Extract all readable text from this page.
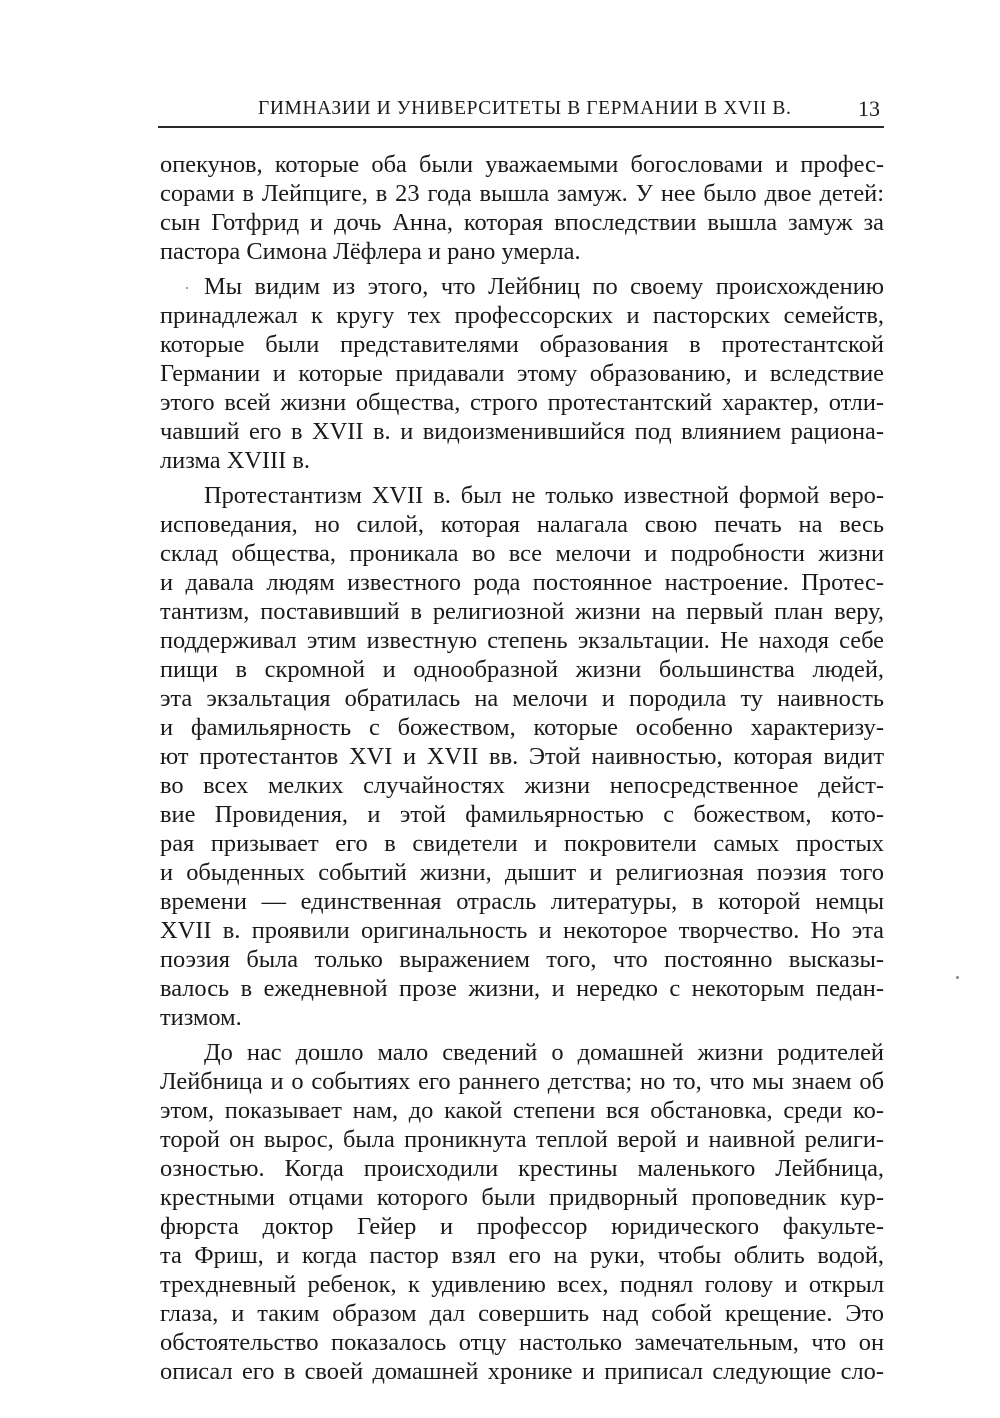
ГИМНАЗИИ И УНИВЕРСИТЕТЫ В ГЕРМАНИИ В XVII В.	13
опекунов, которые оба были уважаемыми богословами и профес-
сорами в Лейпциге, в 23 года вышла замуж. У нее было двое детей:
сын Готфрид и дочь Анна, которая впоследствии вышла замуж за
пастора Симона Лёфлера и рано умерла.
Мы видим из этого, что Лейбниц по своему происхождению
принадлежал к кругу тех профессорских и пасторских семейств,
которые были представителями образования в протестантской
Германии и которые придавали этому образованию, и вследствие
этого всей жизни общества, строго протестантский характер, отли-
чавший его в XVII в. и видоизменившийся под влиянием рациона-
лизма XVIII в.
Протестантизм XVII в. был не только известной формой веро-
исповедания, но силой, которая налагала свою печать на весь
склад общества, проникала во все мелочи и подробности жизни
и давала людям известного рода постоянное настроение. Протес-
тантизм, поставивший в религиозной жизни на первый план веру,
поддерживал этим известную степень экзальтации. Не находя себе
пищи в скромной и однообразной жизни большинства людей,
эта экзальтация обратилась на мелочи и породила ту наивность
и фамильярность с божеством, которые особенно характеризу-
ют протестантов XVI и XVII вв. Этой наивностью, которая видит
во всех мелких случайностях жизни непосредственное дейст-
вие Провидения, и этой фамильярностью с божеством, кото-
рая призывает его в свидетели и покровители самых простых
и обыденных событий жизни, дышит и религиозная поэзия того
времени — единственная отрасль литературы, в которой немцы
XVII в. проявили оригинальность и некоторое творчество. Но эта
поэзия была только выражением того, что постоянно высказы-
валось в ежедневной прозе жизни, и нередко с некоторым педан-
тизмом.
До нас дошло мало сведений о домашней жизни родителей
Лейбница и о событиях его раннего детства; но то, что мы знаем об
этом, показывает нам, до какой степени вся обстановка, среди ко-
торой он вырос, была проникнута теплой верой и наивной религи-
озностью. Когда происходили крестины маленького Лейбница,
крестными отцами которого были придворный проповедник кур-
фюрста доктор Гейер и профессор юридического факульте-
та Фриш, и когда пастор взял его на руки, чтобы облить водой,
трехдневный ребенок, к удивлению всех, поднял голову и открыл
глаза, и таким образом дал совершить над собой крещение. Это
обстоятельство показалось отцу настолько замечательным, что он
описал его в своей домашней хронике и приписал следующие сло-
